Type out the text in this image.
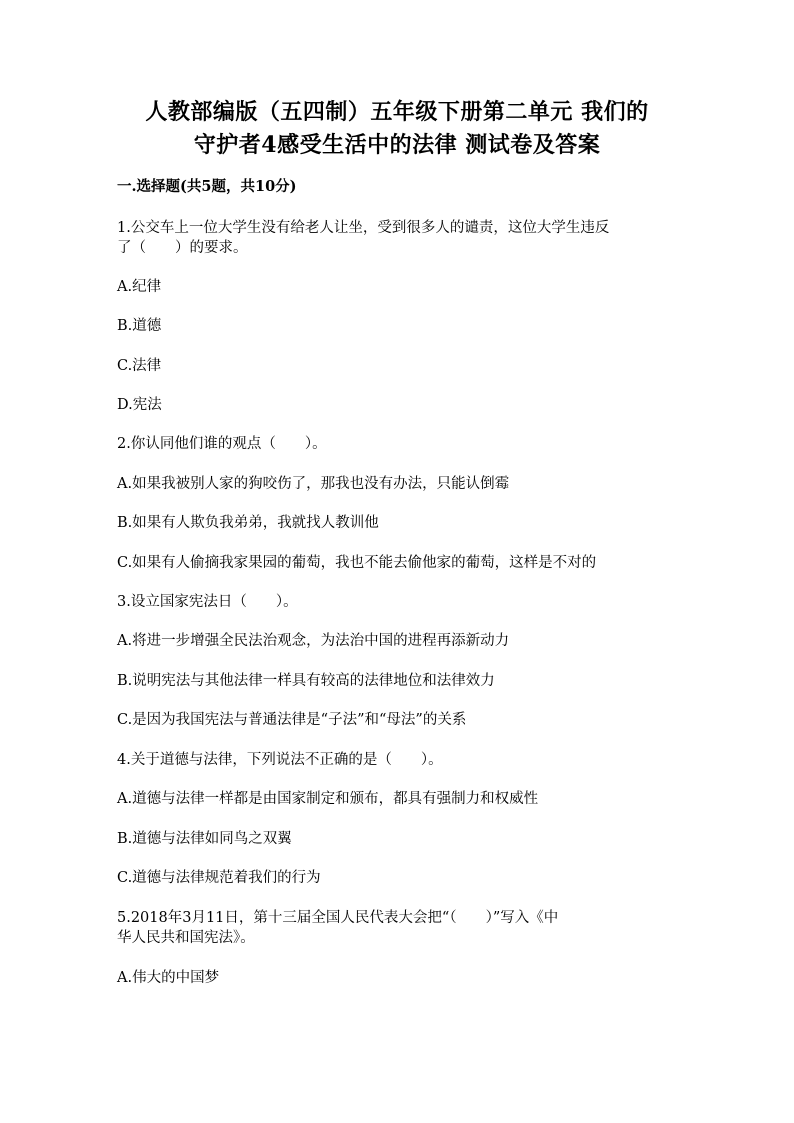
人教部编版（五四制）五年级下册第二单元 我们的
守护者4感受生活中的法律 测试卷及答案
一.选择题(共5题，共10分)
1.公交车上一位大学生没有给老人让坐，受到很多人的谴责，这位大学生违反
了（　　）的要求。
A.纪律
B.道德
C.法律
D.宪法
2.你认同他们谁的观点（　　）。
A.如果我被别人家的狗咬伤了，那我也没有办法，只能认倒霉
B.如果有人欺负我弟弟，我就找人教训他
C.如果有人偷摘我家果园的葡萄，我也不能去偷他家的葡萄，这样是不对的
3.设立国家宪法日（　　）。
A.将进一步增强全民法治观念，为法治中国的进程再添新动力
B.说明宪法与其他法律一样具有较高的法律地位和法律效力
C.是因为我国宪法与普通法律是“子法”和“母法”的关系
4.关于道德与法律，下列说法不正确的是（　　）。
A.道德与法律一样都是由国家制定和颁布，都具有强制力和权威性
B.道德与法律如同鸟之双翼
C.道德与法律规范着我们的行为
5.2018年3月11日，第十三届全国人民代表大会把“（　　）”写入《中
华人民共和国宪法》。
A.伟大的中国梦
